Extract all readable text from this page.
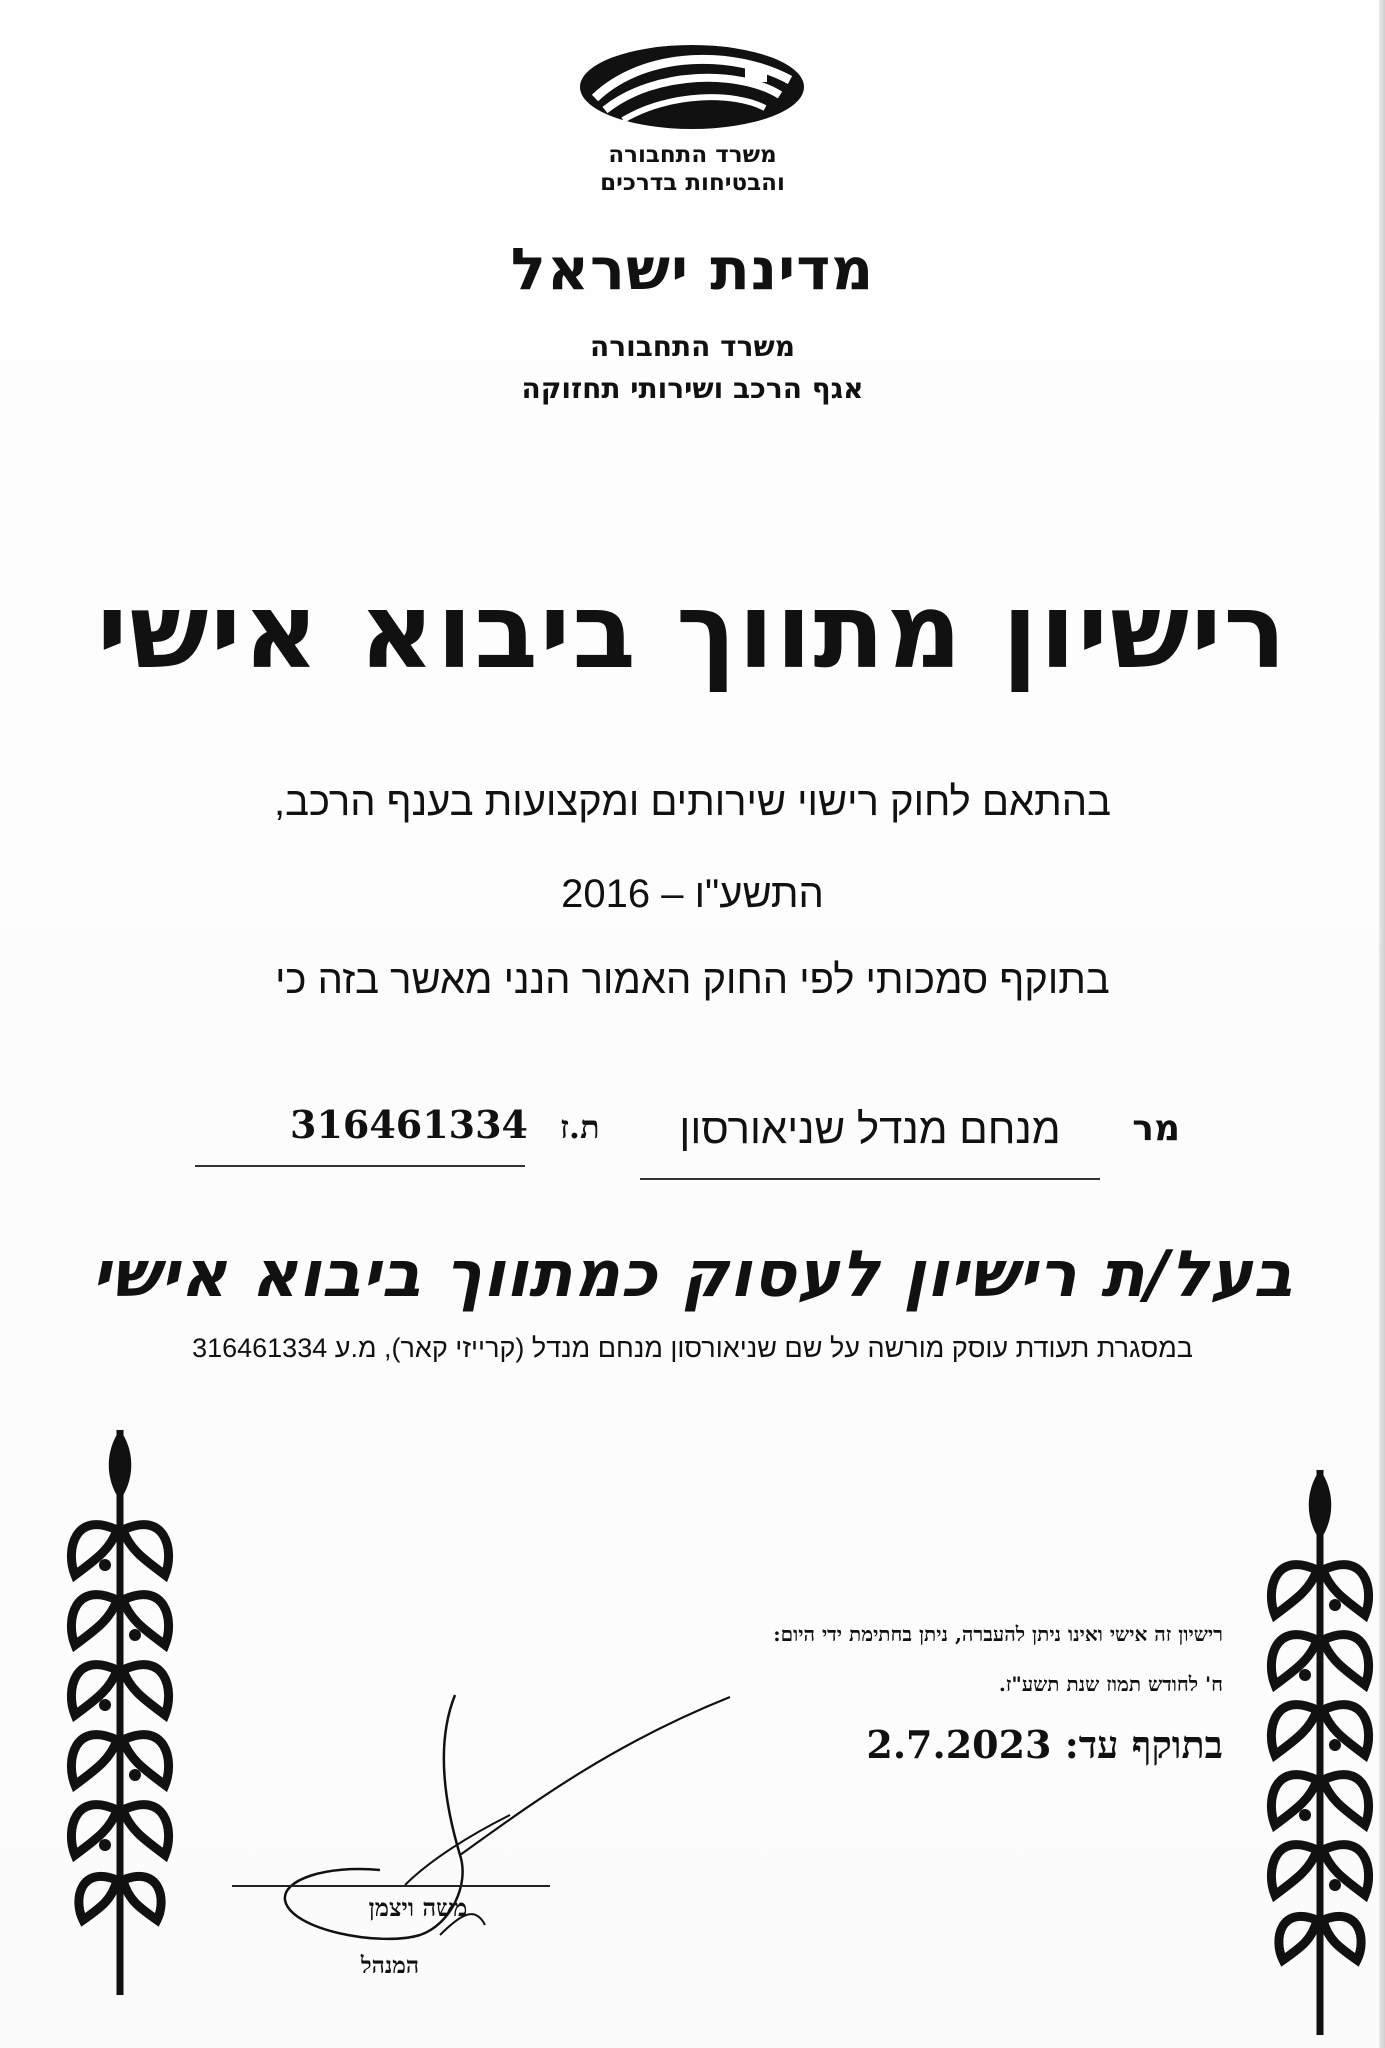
משרד התחבורה
והבטיחות בדרכים
מדינת ישראל
משרד התחבורה
אגף הרכב ושירותי תחזוקה
רישיון מתווך ביבוא אישי
בהתאם לחוק רישוי שירותים ומקצועות בענף הרכב,
התשע"ו – 2016
בתוקף סמכותי לפי החוק האמור הנני מאשר בזה כי
מר
מנחם מנדל שניאורסון
ת.ז
316461334
בעל/ת רישיון לעסוק כמתווך ביבוא אישי
במסגרת תעודת עוסק מורשה על שם שניאורסון מנחם מנדל (קרייזי קאר), מ.ע 316461334
רישיון זה אישי ואינו ניתן להעברה, ניתן בחתימת ידי היום:
ח' לחודש תמוז שנת תשע"ז.
בתוקף עד: 2.7.2023
משה ויצמן
המנהל
